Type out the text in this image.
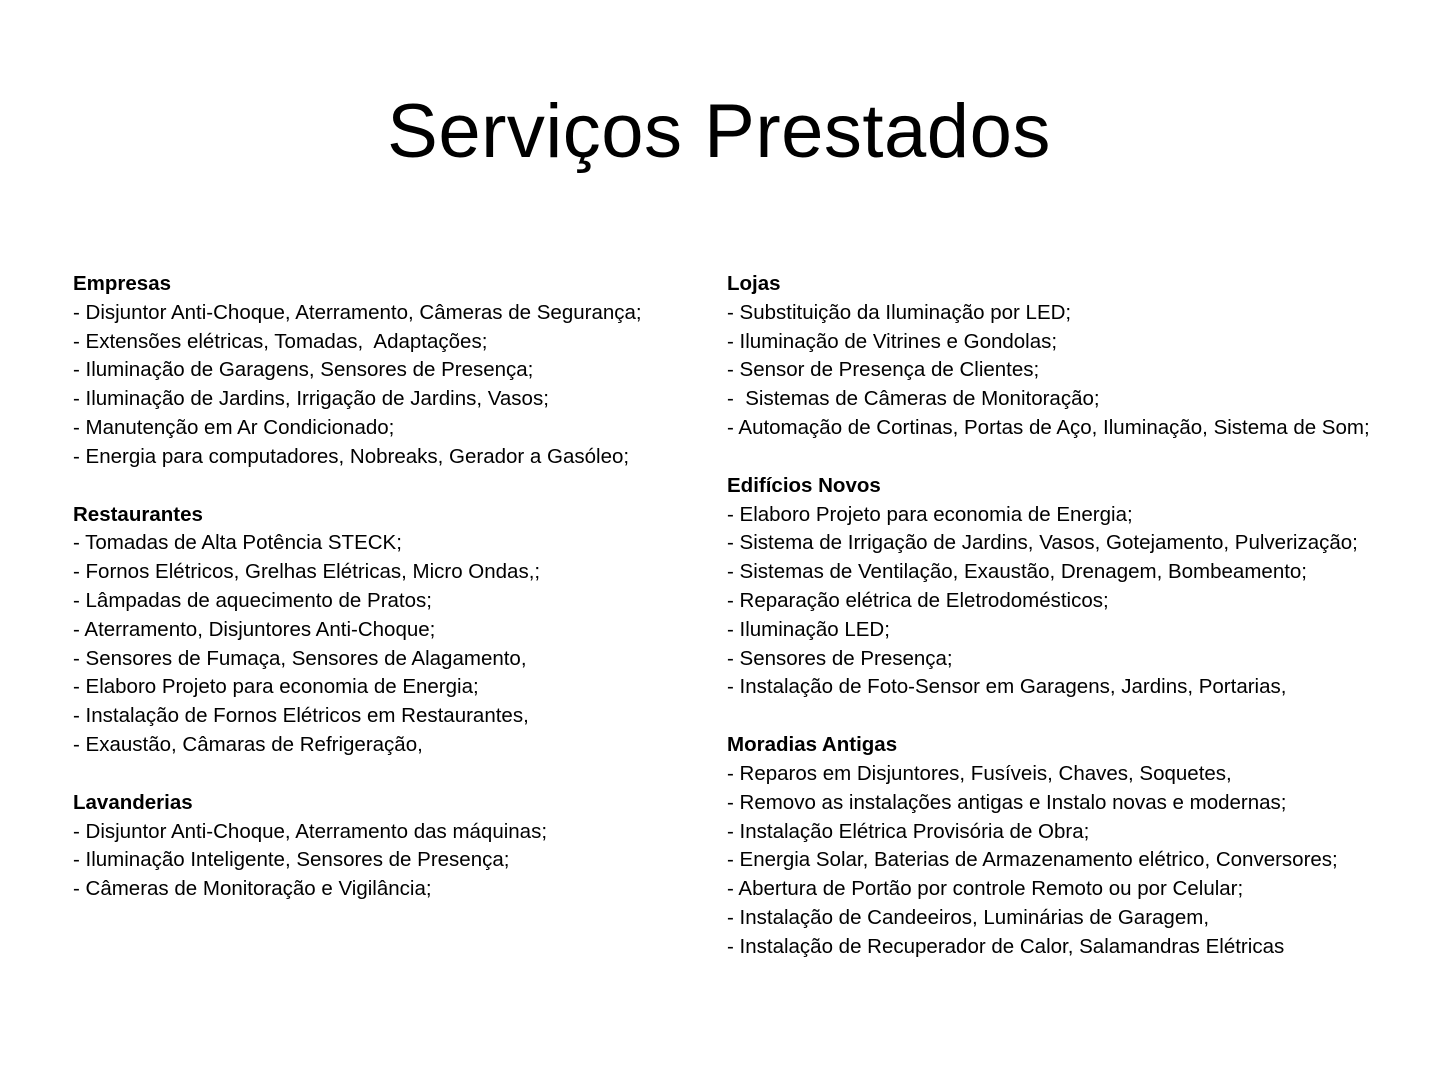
Serviços Prestados
Empresas
- Disjuntor Anti-Choque, Aterramento, Câmeras de Segurança;
- Extensões elétricas, Tomadas,  Adaptações;
- Iluminação de Garagens, Sensores de Presença;
- Iluminação de Jardins, Irrigação de Jardins, Vasos;
- Manutenção em Ar Condicionado;
- Energia para computadores, Nobreaks, Gerador a Gasóleo;
Restaurantes
- Tomadas de Alta Potência STECK;
- Fornos Elétricos, Grelhas Elétricas, Micro Ondas,;
- Lâmpadas de aquecimento de Pratos;
- Aterramento, Disjuntores Anti-Choque;
- Sensores de Fumaça, Sensores de Alagamento,
- Elaboro Projeto para economia de Energia;
- Instalação de Fornos Elétricos em Restaurantes,
- Exaustão, Câmaras de Refrigeração,
Lavanderias
- Disjuntor Anti-Choque, Aterramento das máquinas;
- Iluminação Inteligente, Sensores de Presença;
- Câmeras de Monitoração e Vigilância;
Lojas
- Substituição da Iluminação por LED;
- Iluminação de Vitrines e Gondolas;
- Sensor de Presença de Clientes;
-  Sistemas de Câmeras de Monitoração;
- Automação de Cortinas, Portas de Aço, Iluminação, Sistema de Som;
Edifícios Novos
- Elaboro Projeto para economia de Energia;
- Sistema de Irrigação de Jardins, Vasos, Gotejamento, Pulverização;
- Sistemas de Ventilação, Exaustão, Drenagem, Bombeamento;
- Reparação elétrica de Eletrodomésticos;
- Iluminação LED;
- Sensores de Presença;
- Instalação de Foto-Sensor em Garagens, Jardins, Portarias,
Moradias Antigas
- Reparos em Disjuntores, Fusíveis, Chaves, Soquetes,
- Removo as instalações antigas e Instalo novas e modernas;
- Instalação Elétrica Provisória de Obra;
- Energia Solar, Baterias de Armazenamento elétrico, Conversores;
- Abertura de Portão por controle Remoto ou por Celular;
- Instalação de Candeeiros, Luminárias de Garagem,
- Instalação de Recuperador de Calor, Salamandras Elétricas
